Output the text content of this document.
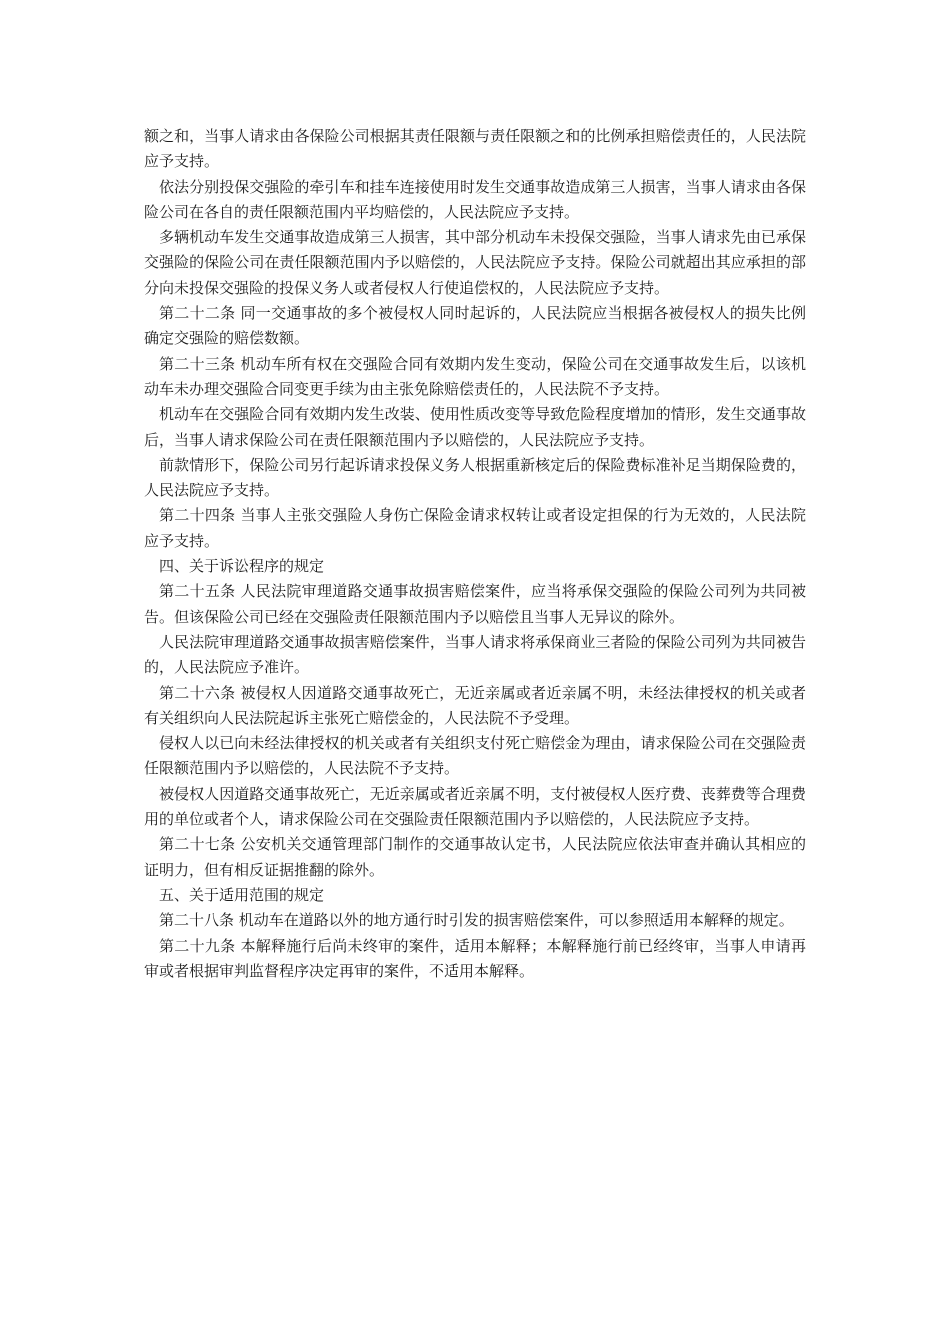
额之和，当事人请求由各保险公司根据其责任限额与责任限额之和的比例承担赔偿责任的，人民法院应予支持。

依法分别投保交强险的牵引车和挂车连接使用时发生交通事故造成第三人损害，当事人请求由各保险公司在各自的责任限额范围内平均赔偿的，人民法院应予支持。

多辆机动车发生交通事故造成第三人损害，其中部分机动车未投保交强险，当事人请求先由已承保交强险的保险公司在责任限额范围内予以赔偿的，人民法院应予支持。保险公司就超出其应承担的部分向未投保交强险的投保义务人或者侵权人行使追偿权的，人民法院应予支持。

第二十二条 同一交通事故的多个被侵权人同时起诉的，人民法院应当根据各被侵权人的损失比例确定交强险的赔偿数额。

第二十三条 机动车所有权在交强险合同有效期内发生变动，保险公司在交通事故发生后，以该机动车未办理交强险合同变更手续为由主张免除赔偿责任的，人民法院不予支持。

机动车在交强险合同有效期内发生改装、使用性质改变等导致危险程度增加的情形，发生交通事故后，当事人请求保险公司在责任限额范围内予以赔偿的，人民法院应予支持。

前款情形下，保险公司另行起诉请求投保义务人根据重新核定后的保险费标准补足当期保险费的，人民法院应予支持。

第二十四条 当事人主张交强险人身伤亡保险金请求权转让或者设定担保的行为无效的，人民法院应予支持。

四、关于诉讼程序的规定

第二十五条 人民法院审理道路交通事故损害赔偿案件，应当将承保交强险的保险公司列为共同被告。但该保险公司已经在交强险责任限额范围内予以赔偿且当事人无异议的除外。

人民法院审理道路交通事故损害赔偿案件，当事人请求将承保商业三者险的保险公司列为共同被告的，人民法院应予准许。

第二十六条 被侵权人因道路交通事故死亡，无近亲属或者近亲属不明，未经法律授权的机关或者有关组织向人民法院起诉主张死亡赔偿金的，人民法院不予受理。

侵权人以已向未经法律授权的机关或者有关组织支付死亡赔偿金为理由，请求保险公司在交强险责任限额范围内予以赔偿的，人民法院不予支持。

被侵权人因道路交通事故死亡，无近亲属或者近亲属不明，支付被侵权人医疗费、丧葬费等合理费用的单位或者个人，请求保险公司在交强险责任限额范围内予以赔偿的，人民法院应予支持。

第二十七条 公安机关交通管理部门制作的交通事故认定书，人民法院应依法审查并确认其相应的证明力，但有相反证据推翻的除外。

五、关于适用范围的规定

第二十八条 机动车在道路以外的地方通行时引发的损害赔偿案件，可以参照适用本解释的规定。

第二十九条 本解释施行后尚未终审的案件，适用本解释；本解释施行前已经终审，当事人申请再审或者根据审判监督程序决定再审的案件，不适用本解释。
